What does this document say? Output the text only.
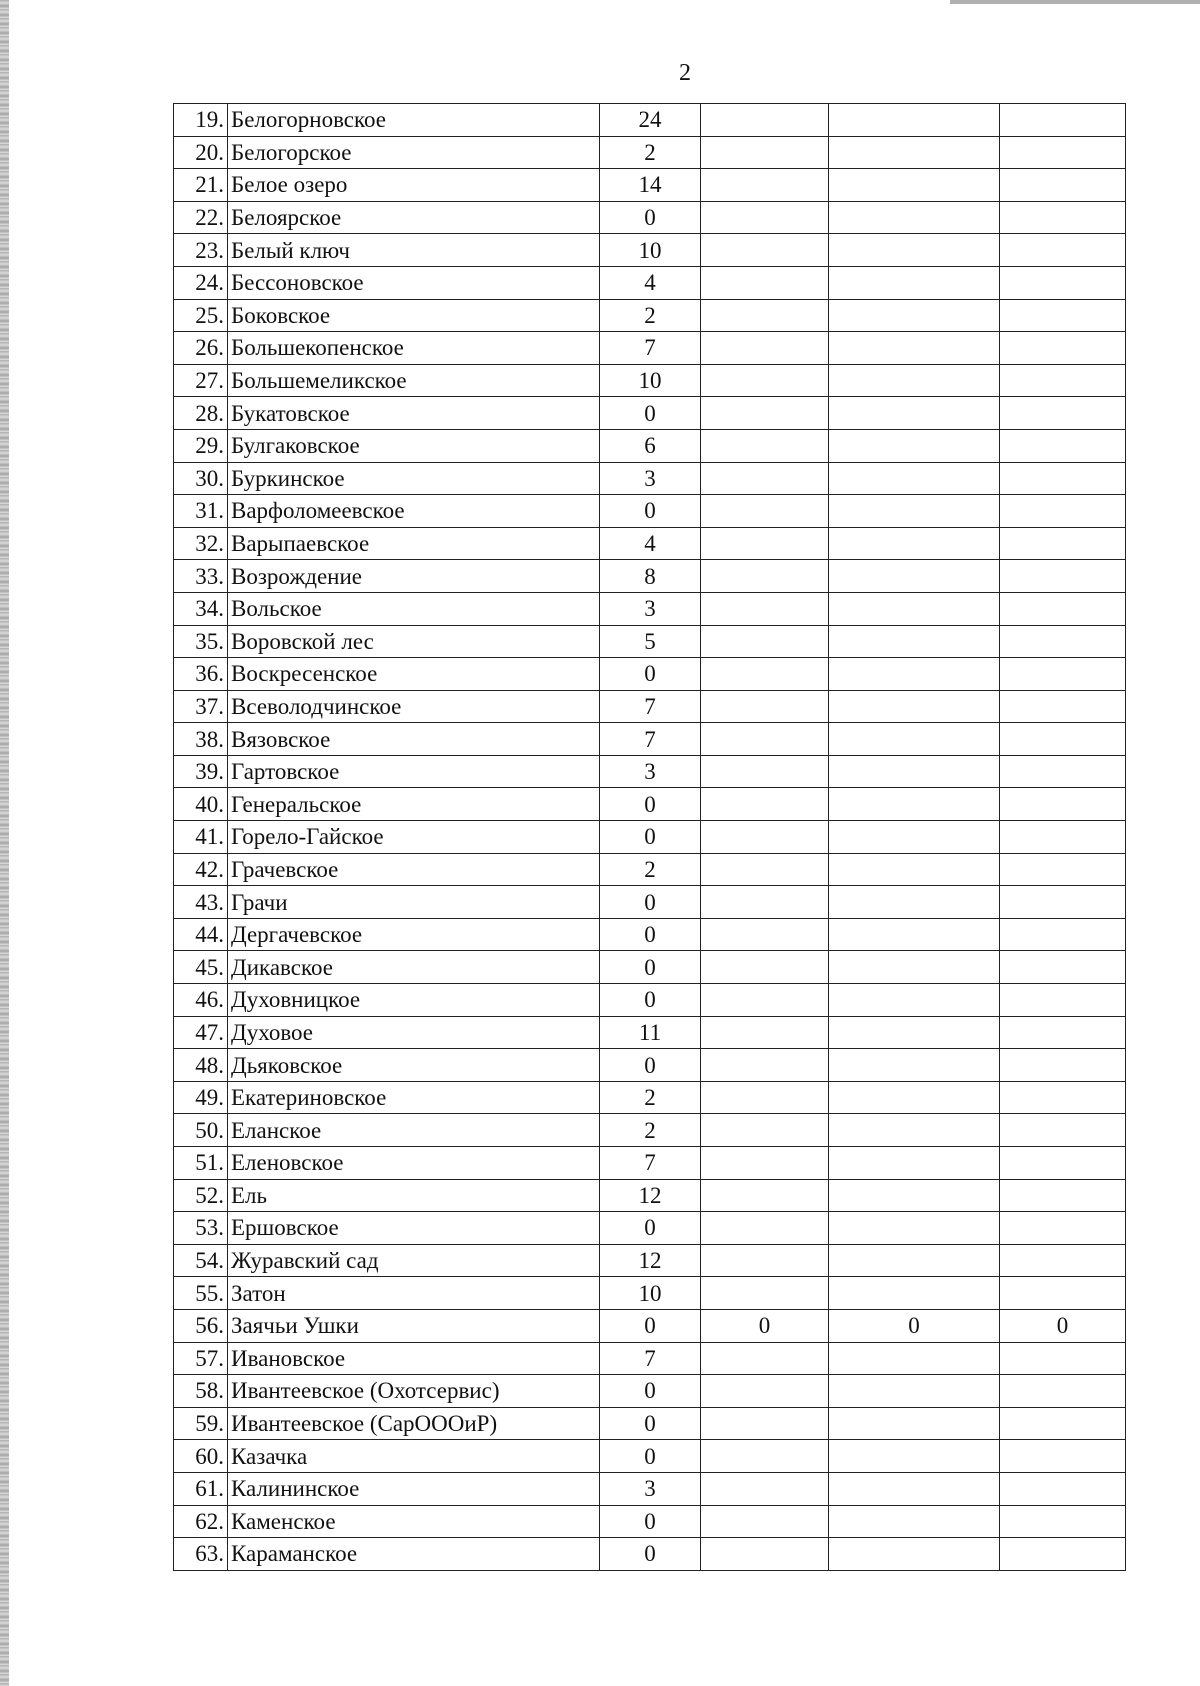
2
19.	Белогорновское	24			
20.	Белогорское	2			
21.	Белое озеро	14			
22.	Белоярское	0			
23.	Белый ключ	10			
24.	Бессоновское	4			
25.	Боковское	2			
26.	Большекопенское	7			
27.	Большемеликское	10			
28.	Букатовское	0			
29.	Булгаковское	6			
30.	Буркинское	3			
31.	Варфоломеевское	0			
32.	Варыпаевское	4			
33.	Возрождение	8			
34.	Вольское	3			
35.	Воровской лес	5			
36.	Воскресенское	0			
37.	Всеволодчинское	7			
38.	Вязовское	7			
39.	Гартовское	3			
40.	Генеральское	0			
41.	Горело-Гайское	0			
42.	Грачевское	2			
43.	Грачи	0			
44.	Дергачевское	0			
45.	Дикавское	0			
46.	Духовницкое	0			
47.	Духовое	11			
48.	Дьяковское	0			
49.	Екатериновское	2			
50.	Еланское	2			
51.	Еленовское	7			
52.	Ель	12			
53.	Ершовское	0			
54.	Журавский сад	12			
55.	Затон	10			
56.	Заячьи Ушки	0	0	0	0
57.	Ивановское	7			
58.	Ивантеевское (Охотсервис)	0			
59.	Ивантеевское (СарОООиР)	0			
60.	Казачка	0			
61.	Калининское	3			
62.	Каменское	0			
63.	Караманское	0			
